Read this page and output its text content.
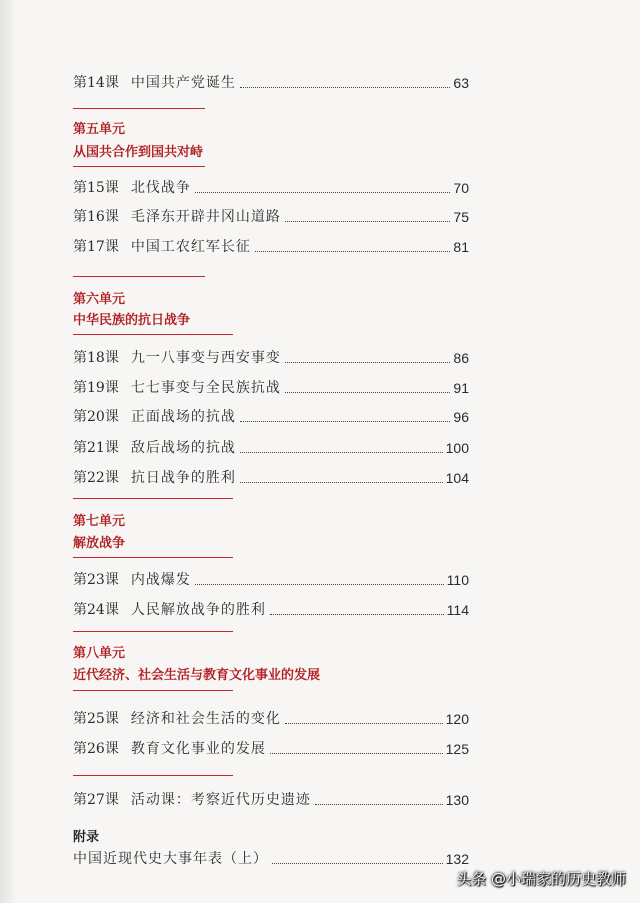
第14课 中国共产党诞生	63
第五单元
从国共合作到国共对峙
第15课 北伐战争	70
第16课 毛泽东开辟井冈山道路	75
第17课 中国工农红军长征	81
第六单元
中华民族的抗日战争
第18课 九一八事变与西安事变	86
第19课 七七事变与全民族抗战	91
第20课 正面战场的抗战	96
第21课 敌后战场的抗战	100
第22课 抗日战争的胜利	104
第七单元
解放战争
第23课 内战爆发	110
第24课 人民解放战争的胜利	114
第八单元
近代经济、社会生活与教育文化事业的发展
第25课 经济和社会生活的变化	120
第26课 教育文化事业的发展	125
第27课 活动课：考察近代历史遗迹	130
附录
中国近现代史大事年表（上）	132
头条 @小瑞家的历史教师
